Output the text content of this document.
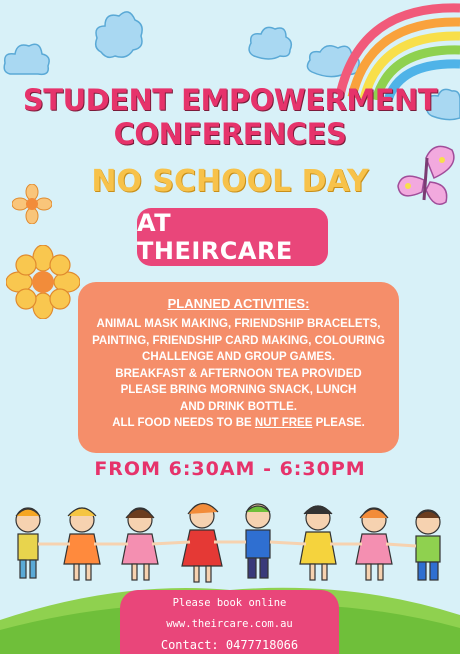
STUDENT EMPOWERMENT
CONFERENCES
NO SCHOOL DAY
AT THEIRCARE
PLANNED ACTIVITIES:
ANIMAL MASK MAKING, FRIENDSHIP BRACELETS,
PAINTING, FRIENDSHIP CARD MAKING, COLOURING
CHALLENGE AND GROUP GAMES.
BREAKFAST & AFTERNOON TEA PROVIDED
PLEASE BRING MORNING SNACK, LUNCH
AND DRINK BOTTLE.
ALL FOOD NEEDS TO BE NUT FREE PLEASE.
FROM 6:30AM - 6:30PM
Please book online
www.theircare.com.au
Contact: 0477718066
